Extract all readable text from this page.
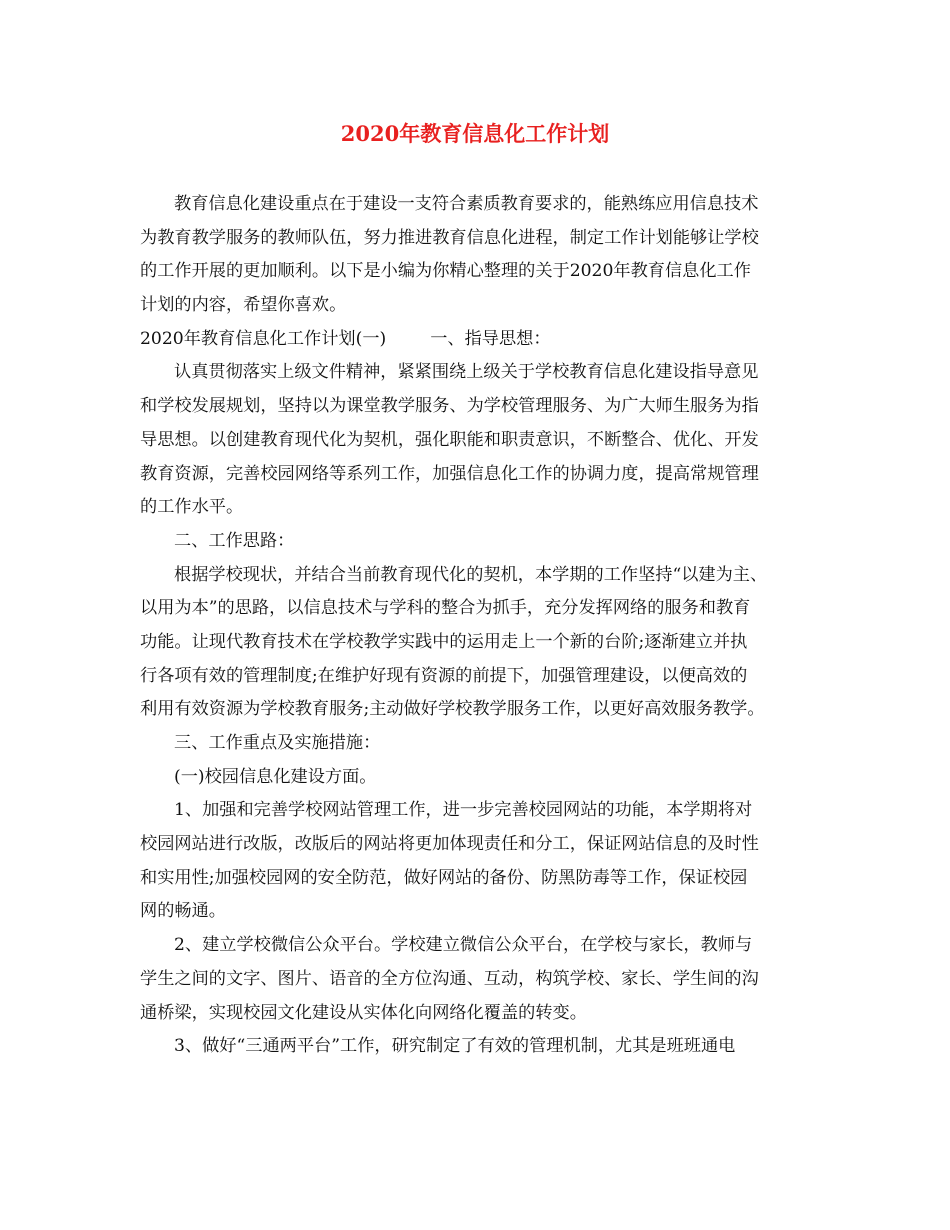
2020年教育信息化工作计划
教育信息化建设重点在于建设一支符合素质教育要求的，能熟练应用信息技术
为教育教学服务的教师队伍，努力推进教育信息化进程，制定工作计划能够让学校
的工作开展的更加顺利。以下是小编为你精心整理的关于2020年教育信息化工作
计划的内容，希望你喜欢。
2020年教育信息化工作计划(一)	一、指导思想：
认真贯彻落实上级文件精神，紧紧围绕上级关于学校教育信息化建设指导意见
和学校发展规划，坚持以为课堂教学服务、为学校管理服务、为广大师生服务为指
导思想。以创建教育现代化为契机，强化职能和职责意识，不断整合、优化、开发
教育资源，完善校园网络等系列工作，加强信息化工作的协调力度，提高常规管理
的工作水平。
二、工作思路：
根据学校现状，并结合当前教育现代化的契机，本学期的工作坚持“以建为主、
以用为本”的思路，以信息技术与学科的整合为抓手，充分发挥网络的服务和教育
功能。让现代教育技术在学校教学实践中的运用走上一个新的台阶;逐渐建立并执
行各项有效的管理制度;在维护好现有资源的前提下，加强管理建设，以便高效的
利用有效资源为学校教育服务;主动做好学校教学服务工作，以更好高效服务教学。
三、工作重点及实施措施：
(一)校园信息化建设方面。
1、加强和完善学校网站管理工作，进一步完善校园网站的功能，本学期将对
校园网站进行改版，改版后的网站将更加体现责任和分工，保证网站信息的及时性
和实用性;加强校园网的安全防范，做好网站的备份、防黑防毒等工作，保证校园
网的畅通。
2、建立学校微信公众平台。学校建立微信公众平台，在学校与家长，教师与
学生之间的文字、图片、语音的全方位沟通、互动，构筑学校、家长、学生间的沟
通桥梁，实现校园文化建设从实体化向网络化覆盖的转变。
3、做好“三通两平台”工作，研究制定了有效的管理机制，尤其是班班通电
